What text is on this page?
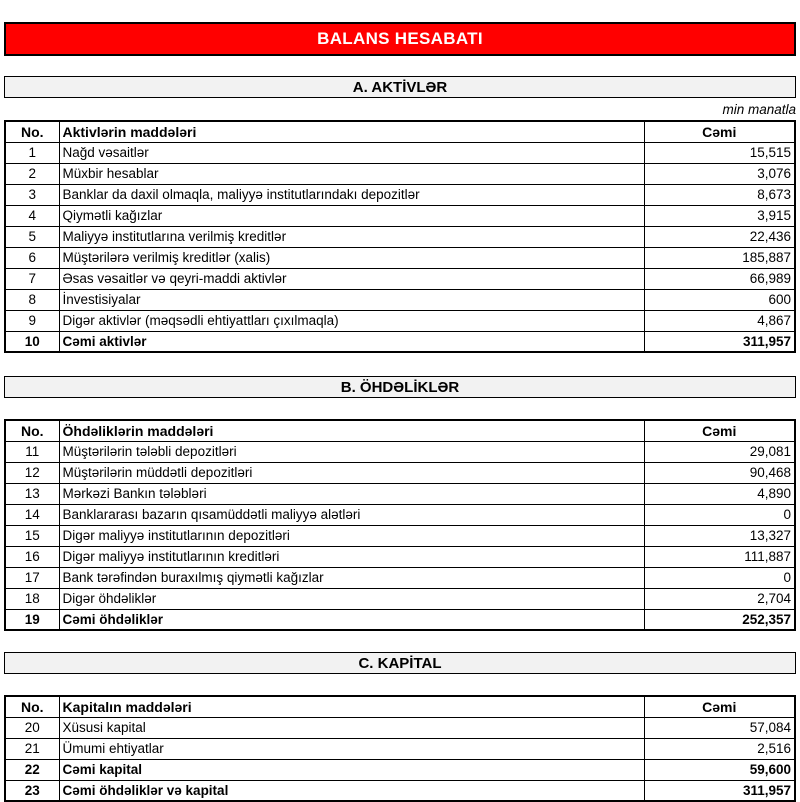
BALANS HESABATI
A. AKTİVLƏR
min manatla
No.	Aktivlərin maddələri	Cəmi
1	Nağd vəsaitlər	15,515
2	Müxbir hesablar	3,076
3	Banklar da daxil olmaqla, maliyyə institutlarındakı depozitlər	8,673
4	Qiymətli kağızlar	3,915
5	Maliyyə institutlarına verilmiş kreditlər	22,436
6	Müştərilərə verilmiş kreditlər (xalis)	185,887
7	Əsas vəsaitlər və qeyri-maddi aktivlər	66,989
8	İnvestisiyalar	600
9	Digər aktivlər (məqsədli ehtiyattları çıxılmaqla)	4,867
10	Cəmi aktivlər	311,957
B. ÖHDƏLİKLƏR
No.	Öhdəliklərin maddələri	Cəmi
11	Müştərilərin tələbli depozitləri	29,081
12	Müştərilərin müddətli depozitləri	90,468
13	Mərkəzi Bankın tələbləri	4,890
14	Banklararası bazarın qısamüddətli maliyyə alətləri	0
15	Digər maliyyə institutlarının depozitləri	13,327
16	Digər maliyyə institutlarının kreditləri	111,887
17	Bank tərəfindən buraxılmış qiymətli kağızlar	0
18	Digər öhdəliklər	2,704
19	Cəmi öhdəliklər	252,357
C. KAPİTAL
No.	Kapitalın maddələri	Cəmi
20	Xüsusi kapital	57,084
21	Ümumi ehtiyatlar	2,516
22	Cəmi kapital	59,600
23	Cəmi öhdəliklər və kapital	311,957
